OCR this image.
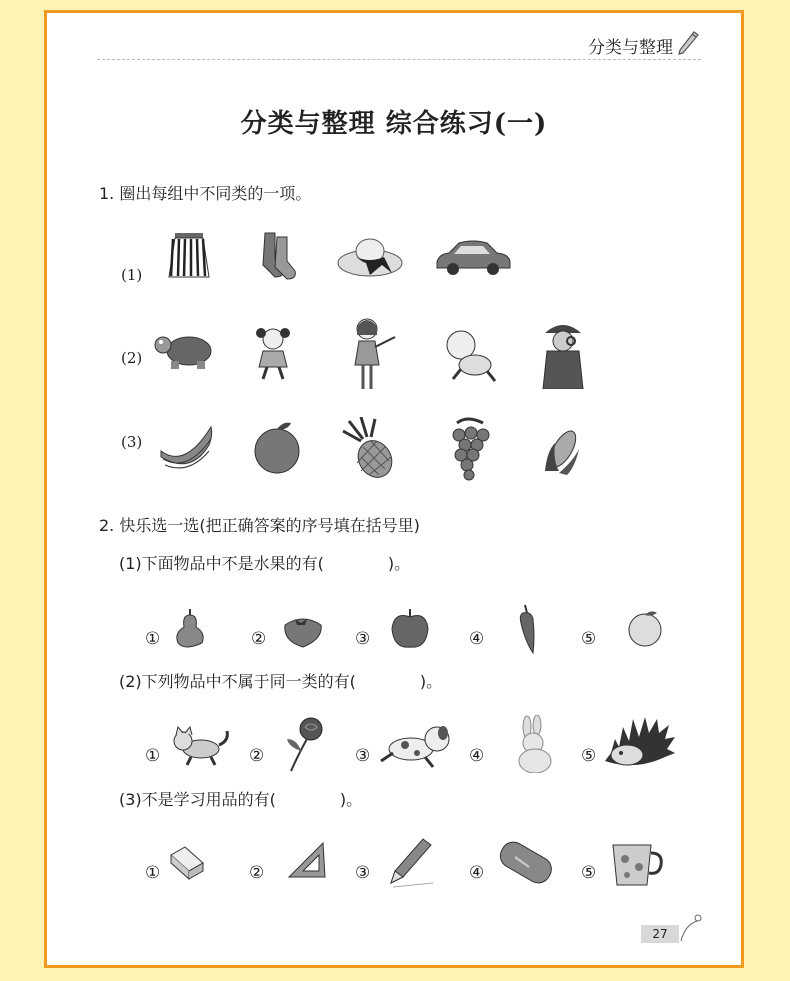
分类与整理
分类与整理 综合练习(一)
1. 圈出每组中不同类的一项。
(1)
(2)
(3)
2. 快乐选一选(把正确答案的序号填在括号里)
(1)下面物品中不是水果的有(	)。
①	②	③	④	⑤
(2)下列物品中不属于同一类的有(	)。
①	②	③	④	⑤
(3)不是学习用品的有(	)。
①	②	③	④	⑤
27
